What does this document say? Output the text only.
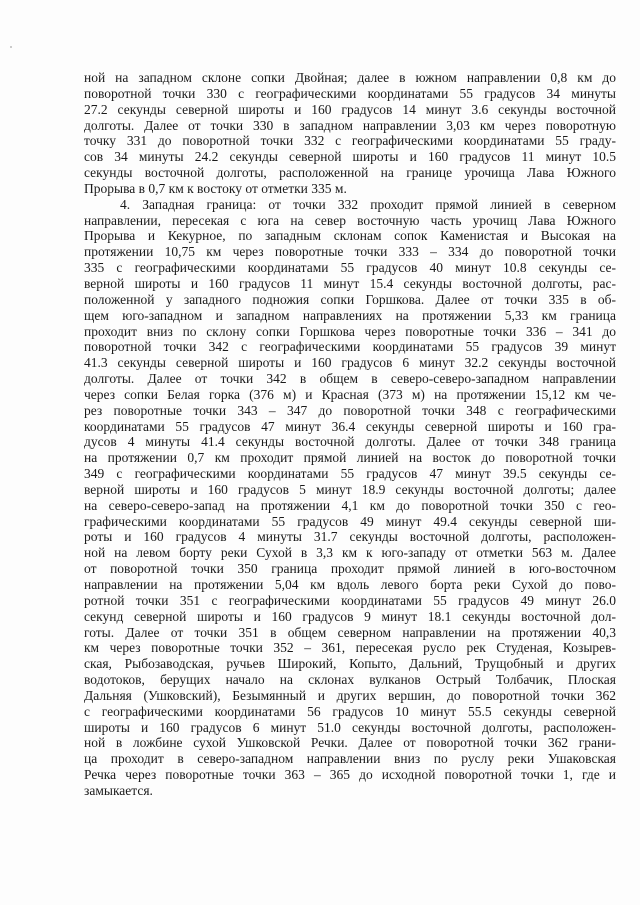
ной на западном склоне сопки Двойная; далее в южном направлении 0,8 км до
поворотной точки 330 с географическими координатами 55 градусов 34 минуты
27.2 секунды северной широты и 160 градусов 14 минут 3.6 секунды восточной
долготы. Далее от точки 330 в западном направлении 3,03 км через поворотную
точку 331 до поворотной точки 332 с географическими координатами 55 граду-
сов 34 минуты 24.2 секунды северной широты и 160 градусов 11 минут 10.5
секунды восточной долготы, расположенной на границе урочища Лава Южного
Прорыва в 0,7 км к востоку от отметки 335 м.
4. Западная граница: от точки 332 проходит прямой линией в северном
направлении, пересекая с юга на север восточную часть урочищ Лава Южного
Прорыва и Кекурное, по западным склонам сопок Каменистая и Высокая на
протяжении 10,75 км через поворотные точки 333 – 334 до поворотной точки
335 с географическими координатами 55 градусов 40 минут 10.8 секунды се-
верной широты и 160 градусов 11 минут 15.4 секунды восточной долготы, рас-
положенной у западного подножия сопки Горшкова. Далее от точки 335 в об-
щем юго-западном и западном направлениях на протяжении 5,33 км граница
проходит вниз по склону сопки Горшкова через поворотные точки 336 – 341 до
поворотной точки 342 с географическими координатами 55 градусов 39 минут
41.3 секунды северной широты и 160 градусов 6 минут 32.2 секунды восточной
долготы. Далее от точки 342 в общем в северо-северо-западном направлении
через сопки Белая горка (376 м) и Красная (373 м) на протяжении 15,12 км че-
рез поворотные точки 343 – 347 до поворотной точки 348 с географическими
координатами 55 градусов 47 минут 36.4 секунды северной широты и 160 гра-
дусов 4 минуты 41.4 секунды восточной долготы. Далее от точки 348 граница
на протяжении 0,7 км проходит прямой линией на восток до поворотной точки
349 с географическими координатами 55 градусов 47 минут 39.5 секунды се-
верной широты и 160 градусов 5 минут 18.9 секунды восточной долготы; далее
на северо-северо-запад на протяжении 4,1 км до поворотной точки 350 с гео-
графическими координатами 55 градусов 49 минут 49.4 секунды северной ши-
роты и 160 градусов 4 минуты 31.7 секунды восточной долготы, расположен-
ной на левом борту реки Сухой в 3,3 км к юго-западу от отметки 563 м. Далее
от поворотной точки 350 граница проходит прямой линией в юго-восточном
направлении на протяжении 5,04 км вдоль левого борта реки Сухой до пово-
ротной точки 351 с географическими координатами 55 градусов 49 минут 26.0
секунд северной широты и 160 градусов 9 минут 18.1 секунды восточной дол-
готы. Далее от точки 351 в общем северном направлении на протяжении 40,3
км через поворотные точки 352 – 361, пересекая русло рек Студеная, Козырев-
ская, Рыбозаводская, ручьев Широкий, Копыто, Дальний, Трущобный и других
водотоков, берущих начало на склонах вулканов Острый Толбачик, Плоская
Дальняя (Ушковский), Безымянный и других вершин, до поворотной точки 362
с географическими координатами 56 градусов 10 минут 55.5 секунды северной
широты и 160 градусов 6 минут 51.0 секунды восточной долготы, расположен-
ной в ложбине сухой Ушковской Речки. Далее от поворотной точки 362 грани-
ца проходит в северо-западном направлении вниз по руслу реки Ушаковская
Речка через поворотные точки 363 – 365 до исходной поворотной точки 1, где и
замыкается.
